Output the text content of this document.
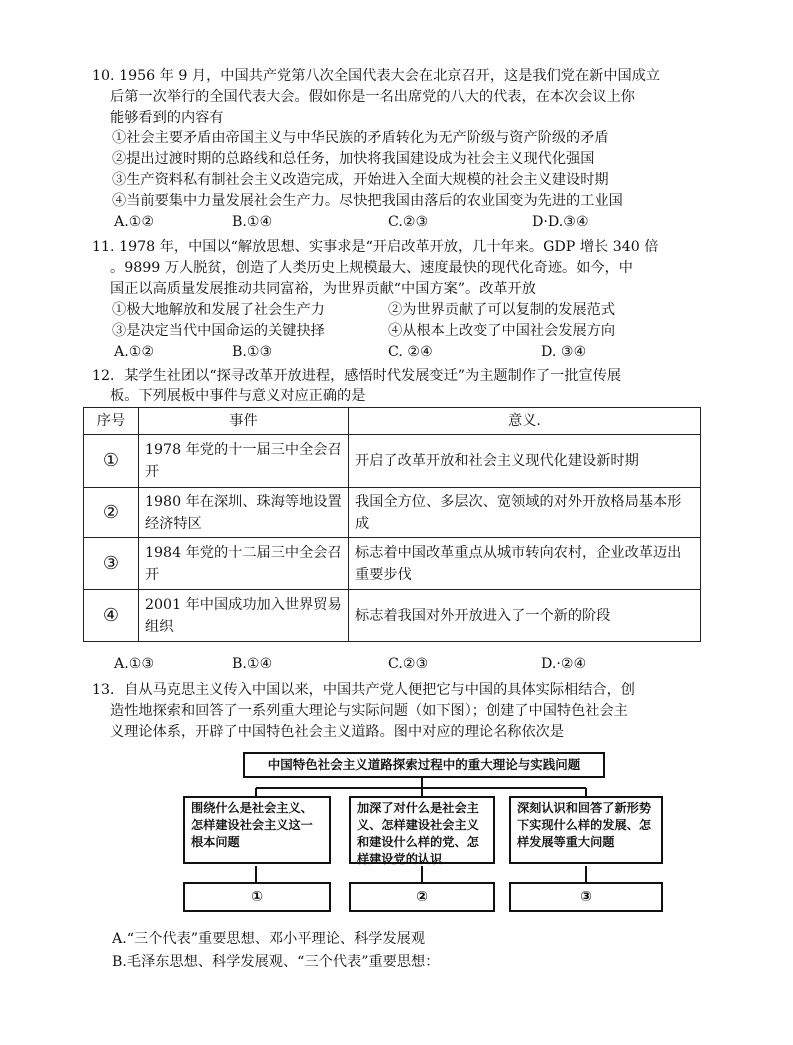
10. 1956 年 9 月，中国共产党第八次全国代表大会在北京召开，这是我们党在新中国成立
后第一次举行的全国代表大会。假如你是一名出席党的八大的代表，在本次会议上你
能够看到的内容有
①社会主要矛盾由帝国主义与中华民族的矛盾转化为无产阶级与资产阶级的矛盾
②提出过渡时期的总路线和总任务，加快将我国建设成为社会主义现代化强国
③生产资料私有制社会主义改造完成，开始进入全面大规模的社会主义建设时期
④当前要集中力量发展社会生产力。尽快把我国由落后的农业国变为先进的工业国
A.①②	B.①④	C.②③	D·D.③④
11. 1978 年，中国以“解放思想、实事求是“开启改革开放，几十年来。GDP 增长 340 倍
。9899 万人脱贫，创造了人类历史上规模最大、速度最快的现代化奇迹。如今，中
国正以高质量发展推动共同富裕，为世界贡献“中国方案”。改革开放
①极大地解放和发展了社会生产力	②为世界贡献了可以复制的发展范式
③是决定当代中国命运的关键抉择	④从根本上改变了中国社会发展方向
A.①②	B.①③	C. ②④	D. ③④
12．某学生社团以“探寻改革开放进程，感悟时代发展变迁”为主题制作了一批宣传展
板。下列展板中事件与意义对应正确的是
序号	事件	意义.
①	1978 年党的十一届三中全会召开	开启了改革开放和社会主义现代化建设新时期
②	1980 年在深圳、珠海等地设置经济特区	我国全方位、多层次、宽领域的对外开放格局基本形成
③	1984 年党的十二届三中全会召开	标志着中国改革重点从城市转向农村，企业改革迈出重要步伐
④	2001 年中国成功加入世界贸易组织	标志着我国对外开放进入了一个新的阶段
A.①③	B.①④	C.②③	D.·②④
13．自从马克思主义传入中国以来，中国共产党人便把它与中国的具体实际相结合，创
造性地探索和回答了一系列重大理论与实际问题（如下图）；创建了中国特色社会主
义理论体系，开辟了中国特色社会主义道路。图中对应的理论名称依次是
中国特色社会主义道路探索过程中的重大理论与实践问题
围绕什么是社会主义、怎样建设社会主义这一根本问题
加深了对什么是社会主义、怎样建设社会主义和建设什么样的党、怎样建设党的认识
深刻认识和回答了新形势下实现什么样的发展、怎样发展等重大问题
①	②	③
A.“三个代表”重要思想、邓小平理论、科学发展观
B.毛泽东思想、科学发展观、“三个代表”重要思想：
